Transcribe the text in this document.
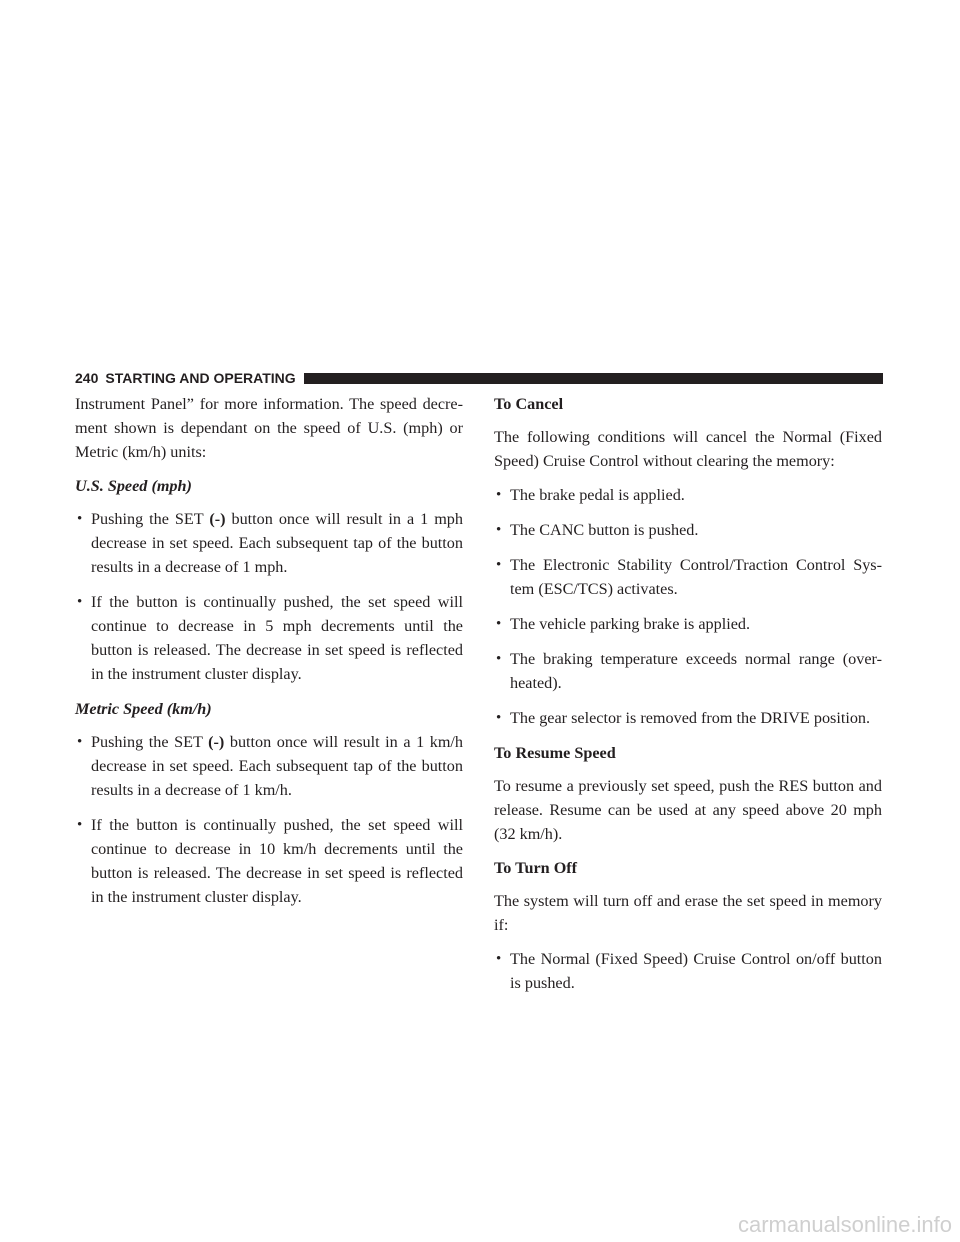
240 STARTING AND OPERATING

Instrument Panel” for more information. The speed decre-ment shown is dependant on the speed of U.S. (mph) or Metric (km/h) units:

U.S. Speed (mph)

• Pushing the SET (-) button once will result in a 1 mph decrease in set speed. Each subsequent tap of the button results in a decrease of 1 mph.
• If the button is continually pushed, the set speed will continue to decrease in 5 mph decrements until the button is released. The decrease in set speed is reflected in the instrument cluster display.

Metric Speed (km/h)

• Pushing the SET (-) button once will result in a 1 km/h decrease in set speed. Each subsequent tap of the button results in a decrease of 1 km/h.
• If the button is continually pushed, the set speed will continue to decrease in 10 km/h decrements until the button is released. The decrease in set speed is reflected in the instrument cluster display.

To Cancel

The following conditions will cancel the Normal (Fixed Speed) Cruise Control without clearing the memory:

• The brake pedal is applied.
• The CANC button is pushed.
• The Electronic Stability Control/Traction Control Sys-tem (ESC/TCS) activates.
• The vehicle parking brake is applied.
• The braking temperature exceeds normal range (over-heated).
• The gear selector is removed from the DRIVE position.

To Resume Speed

To resume a previously set speed, push the RES button and release. Resume can be used at any speed above 20 mph (32 km/h).

To Turn Off

The system will turn off and erase the set speed in memory if:

• The Normal (Fixed Speed) Cruise Control on/off button is pushed.
carmanualsonline.info
